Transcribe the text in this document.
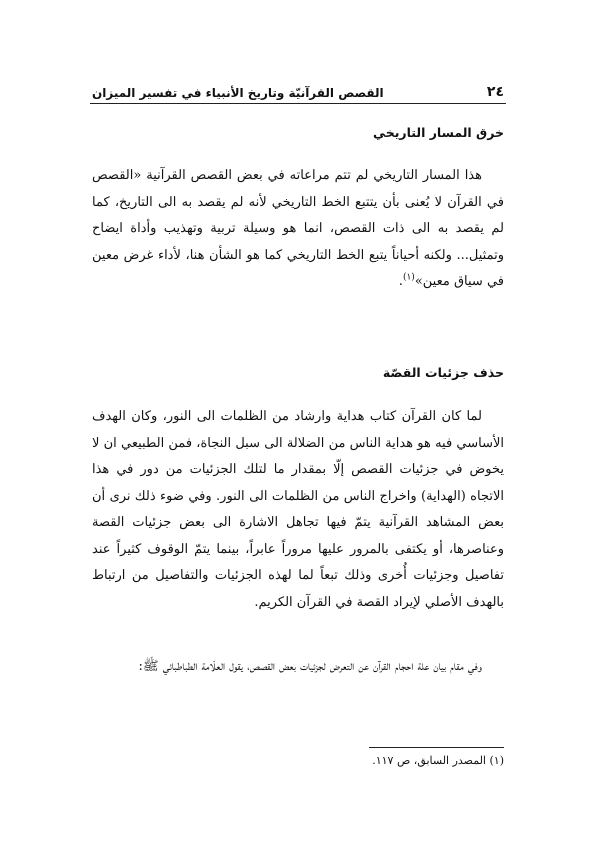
٢٤
القصص القرآنيّة وتاريخ الأنبياء في تفسير الميزان
خرق المسار التاريخي

هذا المسار التاريخي لم تتم مراعاته في بعض القصص القرآنية «القصص في القرآن لا يُعنى بأن يتتبع الخط التاريخي لأنه لم يقصد به الى التاريخ، كما لم يقصد به الى ذات القصص، انما هو وسيلة تربية وتهذيب وأداة ايضاح وتمثيل... ولكنه أحياناً يتبع الخط التاريخي كما هو الشأن هنا، لأداء غرض معين في سياق معين»$^{(١)}$.

حذف جزئيات القصّة

لما كان القرآن كتاب هداية وارشاد من الظلمات الى النور، وكان الهدف الأساسي فيه هو هداية الناس من الضلالة الى سبل النجاة، فمن الطبيعي ان لا يخوض في جزئيات القصص إلّا بمقدار ما لتلك الجزئيات من دور في هذا الاتجاه (الهداية) واخراج الناس من الظلمات الى النور. وفي ضوء ذلك نرى أن بعض المشاهد القرآنية يتمّ فيها تجاهل الاشارة الى بعض جزئيات القصة وعناصرها، أو يكتفى بالمرور عليها مروراً عابراً، بينما يتمّ الوقوف كثيراً عند تفاصيل وجزئيات أُخرى وذلك تبعاً لما لهذه الجزئيات والتفاصيل من ارتباط بالهدف الأصلي لإيراد القصة في القرآن الكريم.

وفي مقام بيان علة احجام القرآن عن التعرض لجزئيات بعض القصص، يقول العلّامة الطباطبائي ﷺ:

(١) المصدر السابق، ص ١١٧.
